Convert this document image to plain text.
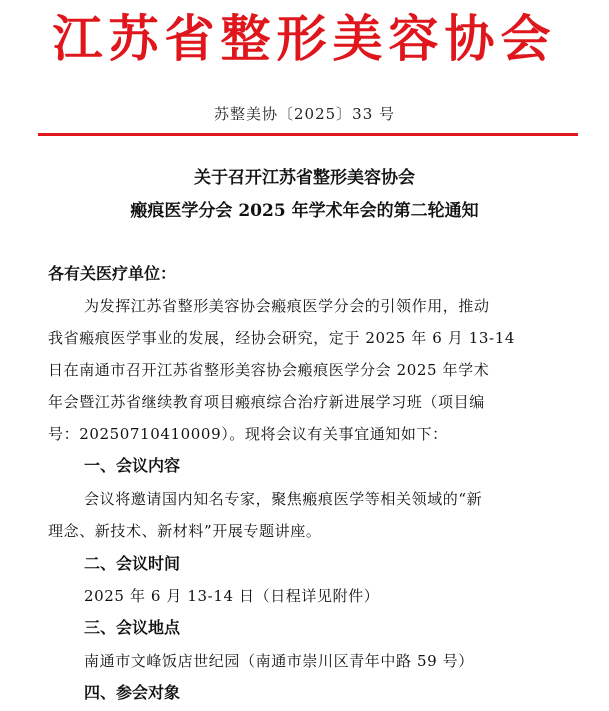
江苏省整形美容协会
苏整美协〔2025〕33 号
关于召开江苏省整形美容协会
瘢痕医学分会 2025 年学术年会的第二轮通知
各有关医疗单位：
为发挥江苏省整形美容协会瘢痕医学分会的引领作用，推动
我省瘢痕医学事业的发展，经协会研究，定于 2025 年 6 月 13-14
日在南通市召开江苏省整形美容协会瘢痕医学分会 2025 年学术
年会暨江苏省继续教育项目瘢痕综合治疗新进展学习班（项目编
号：20250710410009）。现将会议有关事宜通知如下：
一、会议内容
会议将邀请国内知名专家，聚焦瘢痕医学等相关领域的“新
理念、新技术、新材料”开展专题讲座。
二、会议时间
2025 年 6 月 13-14 日（日程详见附件）
三、会议地点
南通市文峰饭店世纪园（南通市崇川区青年中路 59 号）
四、参会对象
